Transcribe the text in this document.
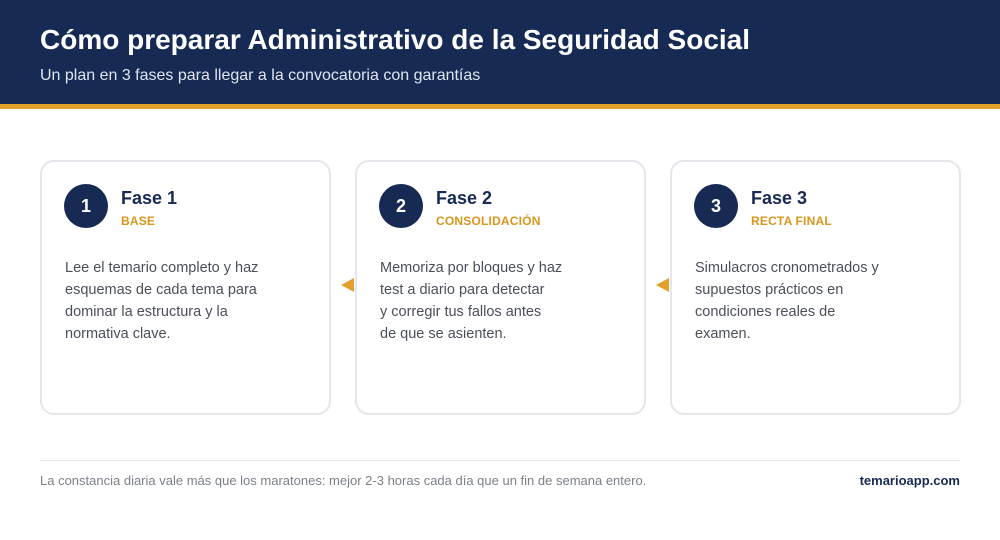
Cómo preparar Administrativo de la Seguridad Social
Un plan en 3 fases para llegar a la convocatoria con garantías
1	Fase 1
BASE
Lee el temario completo y haz
esquemas de cada tema para
dominar la estructura y la
normativa clave.
2	Fase 2
CONSOLIDACIÓN
Memoriza por bloques y haz
test a diario para detectar
y corregir tus fallos antes
de que se asienten.
3	Fase 3
RECTA FINAL
Simulacros cronometrados y
supuestos prácticos en
condiciones reales de
examen.
La constancia diaria vale más que los maratones: mejor 2-3 horas cada día que un fin de semana entero.	temarioapp.com
